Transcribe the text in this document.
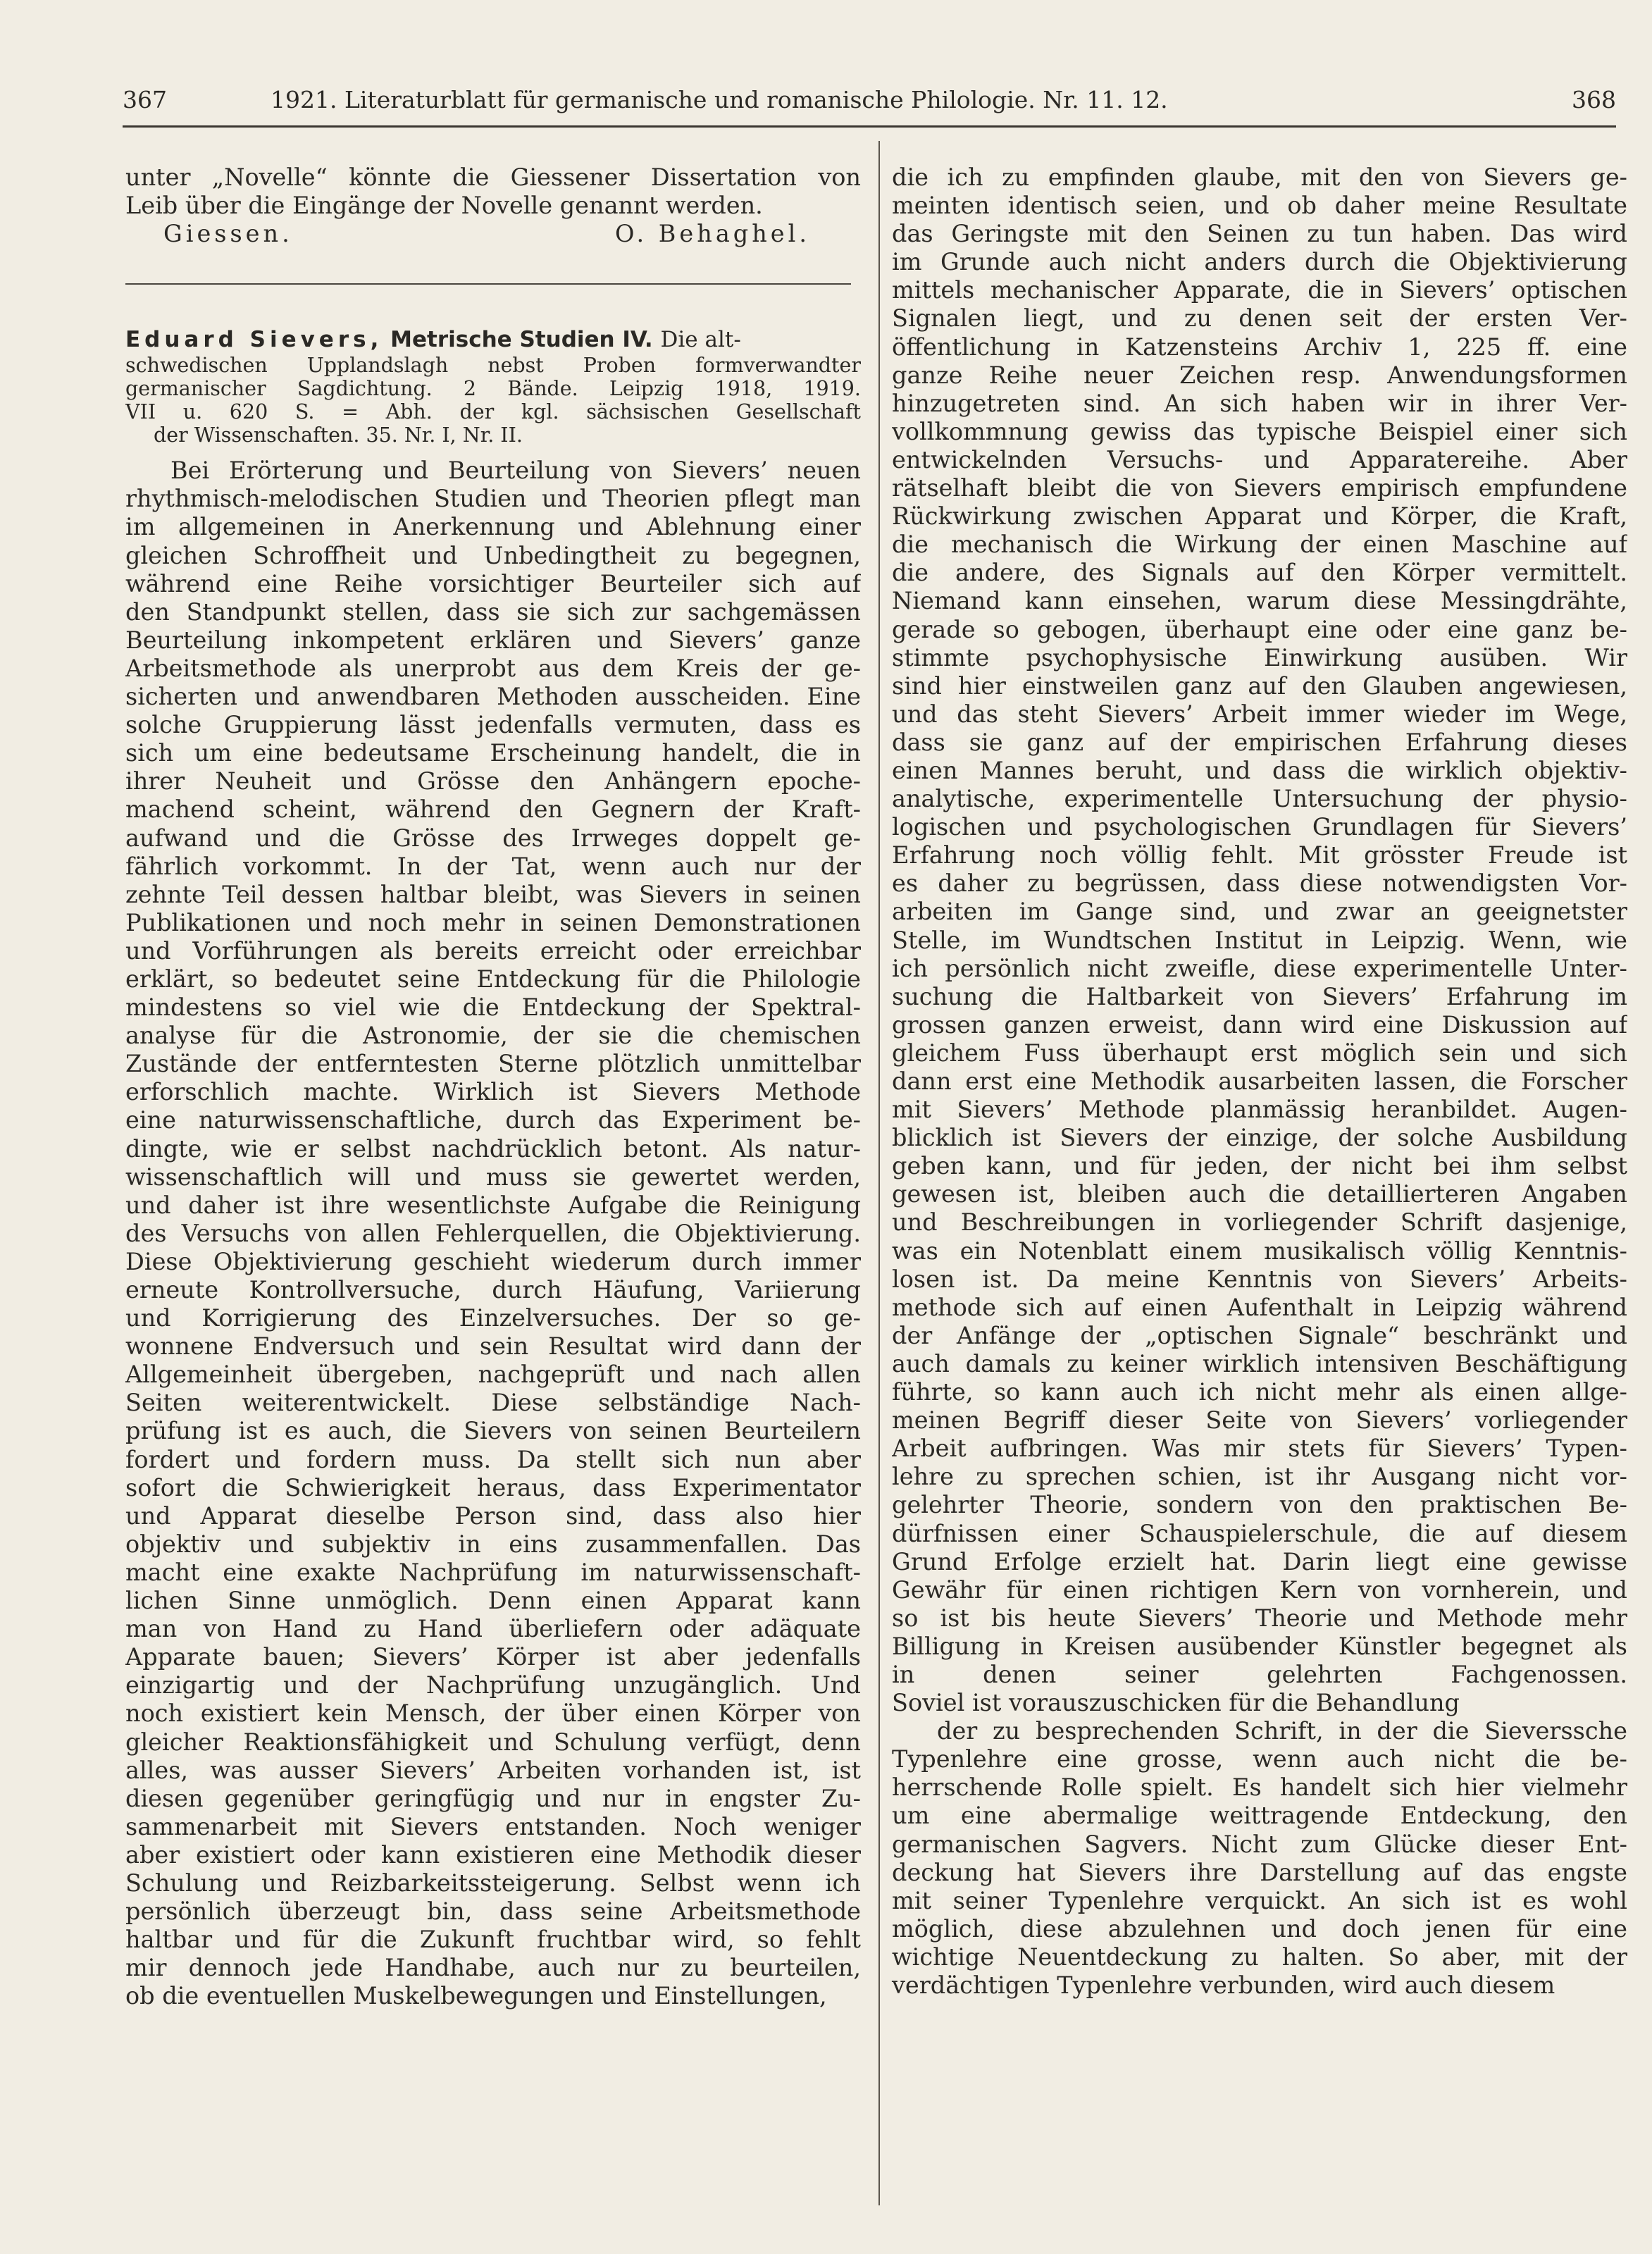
367	1921. Literaturblatt für germanische und romanische Philologie. Nr. 11. 12.	368
unter „Novelle“ könnte die Giessener Dissertation von
Leib über die Eingänge der Novelle genannt werden.
Giessen.	O. Behaghel.
Eduard Sievers, Metrische Studien IV. Die alt-
schwedischen Upplandslagh nebst Proben formverwandter
germanischer Sagdichtung. 2 Bände. Leipzig 1918, 1919.
VII u. 620 S. = Abh. der kgl. sächsischen Gesellschaft
der Wissenschaften. 35. Nr. I, Nr. II.
Bei Erörterung und Beurteilung von Sievers’ neuen
rhythmisch-melodischen Studien und Theorien pflegt man
im allgemeinen in Anerkennung und Ablehnung einer
gleichen Schroffheit und Unbedingtheit zu begegnen,
während eine Reihe vorsichtiger Beurteiler sich auf
den Standpunkt stellen, dass sie sich zur sachgemässen
Beurteilung inkompetent erklären und Sievers’ ganze
Arbeitsmethode als unerprobt aus dem Kreis der ge-
sicherten und anwendbaren Methoden ausscheiden. Eine
solche Gruppierung lässt jedenfalls vermuten, dass es
sich um eine bedeutsame Erscheinung handelt, die in
ihrer Neuheit und Grösse den Anhängern epoche-
machend scheint, während den Gegnern der Kraft-
aufwand und die Grösse des Irrweges doppelt ge-
fährlich vorkommt. In der Tat, wenn auch nur der
zehnte Teil dessen haltbar bleibt, was Sievers in seinen
Publikationen und noch mehr in seinen Demonstrationen
und Vorführungen als bereits erreicht oder erreichbar
erklärt, so bedeutet seine Entdeckung für die Philologie
mindestens so viel wie die Entdeckung der Spektral-
analyse für die Astronomie, der sie die chemischen
Zustände der entferntesten Sterne plötzlich unmittelbar
erforschlich machte. Wirklich ist Sievers Methode
eine naturwissenschaftliche, durch das Experiment be-
dingte, wie er selbst nachdrücklich betont. Als natur-
wissenschaftlich will und muss sie gewertet werden,
und daher ist ihre wesentlichste Aufgabe die Reinigung
des Versuchs von allen Fehlerquellen, die Objektivierung.
Diese Objektivierung geschieht wiederum durch immer
erneute Kontrollversuche, durch Häufung, Variierung
und Korrigierung des Einzelversuches. Der so ge-
wonnene Endversuch und sein Resultat wird dann der
Allgemeinheit übergeben, nachgeprüft und nach allen
Seiten weiterentwickelt. Diese selbständige Nach-
prüfung ist es auch, die Sievers von seinen Beurteilern
fordert und fordern muss. Da stellt sich nun aber
sofort die Schwierigkeit heraus, dass Experimentator
und Apparat dieselbe Person sind, dass also hier
objektiv und subjektiv in eins zusammenfallen. Das
macht eine exakte Nachprüfung im naturwissenschaft-
lichen Sinne unmöglich. Denn einen Apparat kann
man von Hand zu Hand überliefern oder adäquate
Apparate bauen; Sievers’ Körper ist aber jedenfalls
einzigartig und der Nachprüfung unzugänglich. Und
noch existiert kein Mensch, der über einen Körper von
gleicher Reaktionsfähigkeit und Schulung verfügt, denn
alles, was ausser Sievers’ Arbeiten vorhanden ist, ist
diesen gegenüber geringfügig und nur in engster Zu-
sammenarbeit mit Sievers entstanden. Noch weniger
aber existiert oder kann existieren eine Methodik dieser
Schulung und Reizbarkeitssteigerung. Selbst wenn ich
persönlich überzeugt bin, dass seine Arbeitsmethode
haltbar und für die Zukunft fruchtbar wird, so fehlt
mir dennoch jede Handhabe, auch nur zu beurteilen,
ob die eventuellen Muskelbewegungen und Einstellungen,
die ich zu empfinden glaube, mit den von Sievers ge-
meinten identisch seien, und ob daher meine Resultate
das Geringste mit den Seinen zu tun haben. Das wird
im Grunde auch nicht anders durch die Objektivierung
mittels mechanischer Apparate, die in Sievers’ optischen
Signalen liegt, und zu denen seit der ersten Ver-
öffentlichung in Katzensteins Archiv 1, 225 ff. eine
ganze Reihe neuer Zeichen resp. Anwendungsformen
hinzugetreten sind. An sich haben wir in ihrer Ver-
vollkommnung gewiss das typische Beispiel einer sich
entwickelnden Versuchs- und Apparatereihe. Aber
rätselhaft bleibt die von Sievers empirisch empfundene
Rückwirkung zwischen Apparat und Körper, die Kraft,
die mechanisch die Wirkung der einen Maschine auf
die andere, des Signals auf den Körper vermittelt.
Niemand kann einsehen, warum diese Messingdrähte,
gerade so gebogen, überhaupt eine oder eine ganz be-
stimmte psychophysische Einwirkung ausüben. Wir
sind hier einstweilen ganz auf den Glauben angewiesen,
und das steht Sievers’ Arbeit immer wieder im Wege,
dass sie ganz auf der empirischen Erfahrung dieses
einen Mannes beruht, und dass die wirklich objektiv-
analytische, experimentelle Untersuchung der physio-
logischen und psychologischen Grundlagen für Sievers’
Erfahrung noch völlig fehlt. Mit grösster Freude ist
es daher zu begrüssen, dass diese notwendigsten Vor-
arbeiten im Gange sind, und zwar an geeignetster
Stelle, im Wundtschen Institut in Leipzig. Wenn, wie
ich persönlich nicht zweifle, diese experimentelle Unter-
suchung die Haltbarkeit von Sievers’ Erfahrung im
grossen ganzen erweist, dann wird eine Diskussion auf
gleichem Fuss überhaupt erst möglich sein und sich
dann erst eine Methodik ausarbeiten lassen, die Forscher
mit Sievers’ Methode planmässig heranbildet. Augen-
blicklich ist Sievers der einzige, der solche Ausbildung
geben kann, und für jeden, der nicht bei ihm selbst
gewesen ist, bleiben auch die detaillierteren Angaben
und Beschreibungen in vorliegender Schrift dasjenige,
was ein Notenblatt einem musikalisch völlig Kenntnis-
losen ist. Da meine Kenntnis von Sievers’ Arbeits-
methode sich auf einen Aufenthalt in Leipzig während
der Anfänge der „optischen Signale“ beschränkt und
auch damals zu keiner wirklich intensiven Beschäftigung
führte, so kann auch ich nicht mehr als einen allge-
meinen Begriff dieser Seite von Sievers’ vorliegender
Arbeit aufbringen. Was mir stets für Sievers’ Typen-
lehre zu sprechen schien, ist ihr Ausgang nicht vor-
gelehrter Theorie, sondern von den praktischen Be-
dürfnissen einer Schauspielerschule, die auf diesem
Grund Erfolge erzielt hat. Darin liegt eine gewisse
Gewähr für einen richtigen Kern von vornherein, und
so ist bis heute Sievers’ Theorie und Methode mehr
Billigung in Kreisen ausübender Künstler begegnet als
in denen seiner gelehrten Fachgenossen.
Soviel ist vorauszuschicken für die Behandlung
der zu besprechenden Schrift, in der die Sieverssche
Typenlehre eine grosse, wenn auch nicht die be-
herrschende Rolle spielt. Es handelt sich hier vielmehr
um eine abermalige weittragende Entdeckung, den
germanischen Sagvers. Nicht zum Glücke dieser Ent-
deckung hat Sievers ihre Darstellung auf das engste
mit seiner Typenlehre verquickt. An sich ist es wohl
möglich, diese abzulehnen und doch jenen für eine
wichtige Neuentdeckung zu halten. So aber, mit der
verdächtigen Typenlehre verbunden, wird auch diesem
